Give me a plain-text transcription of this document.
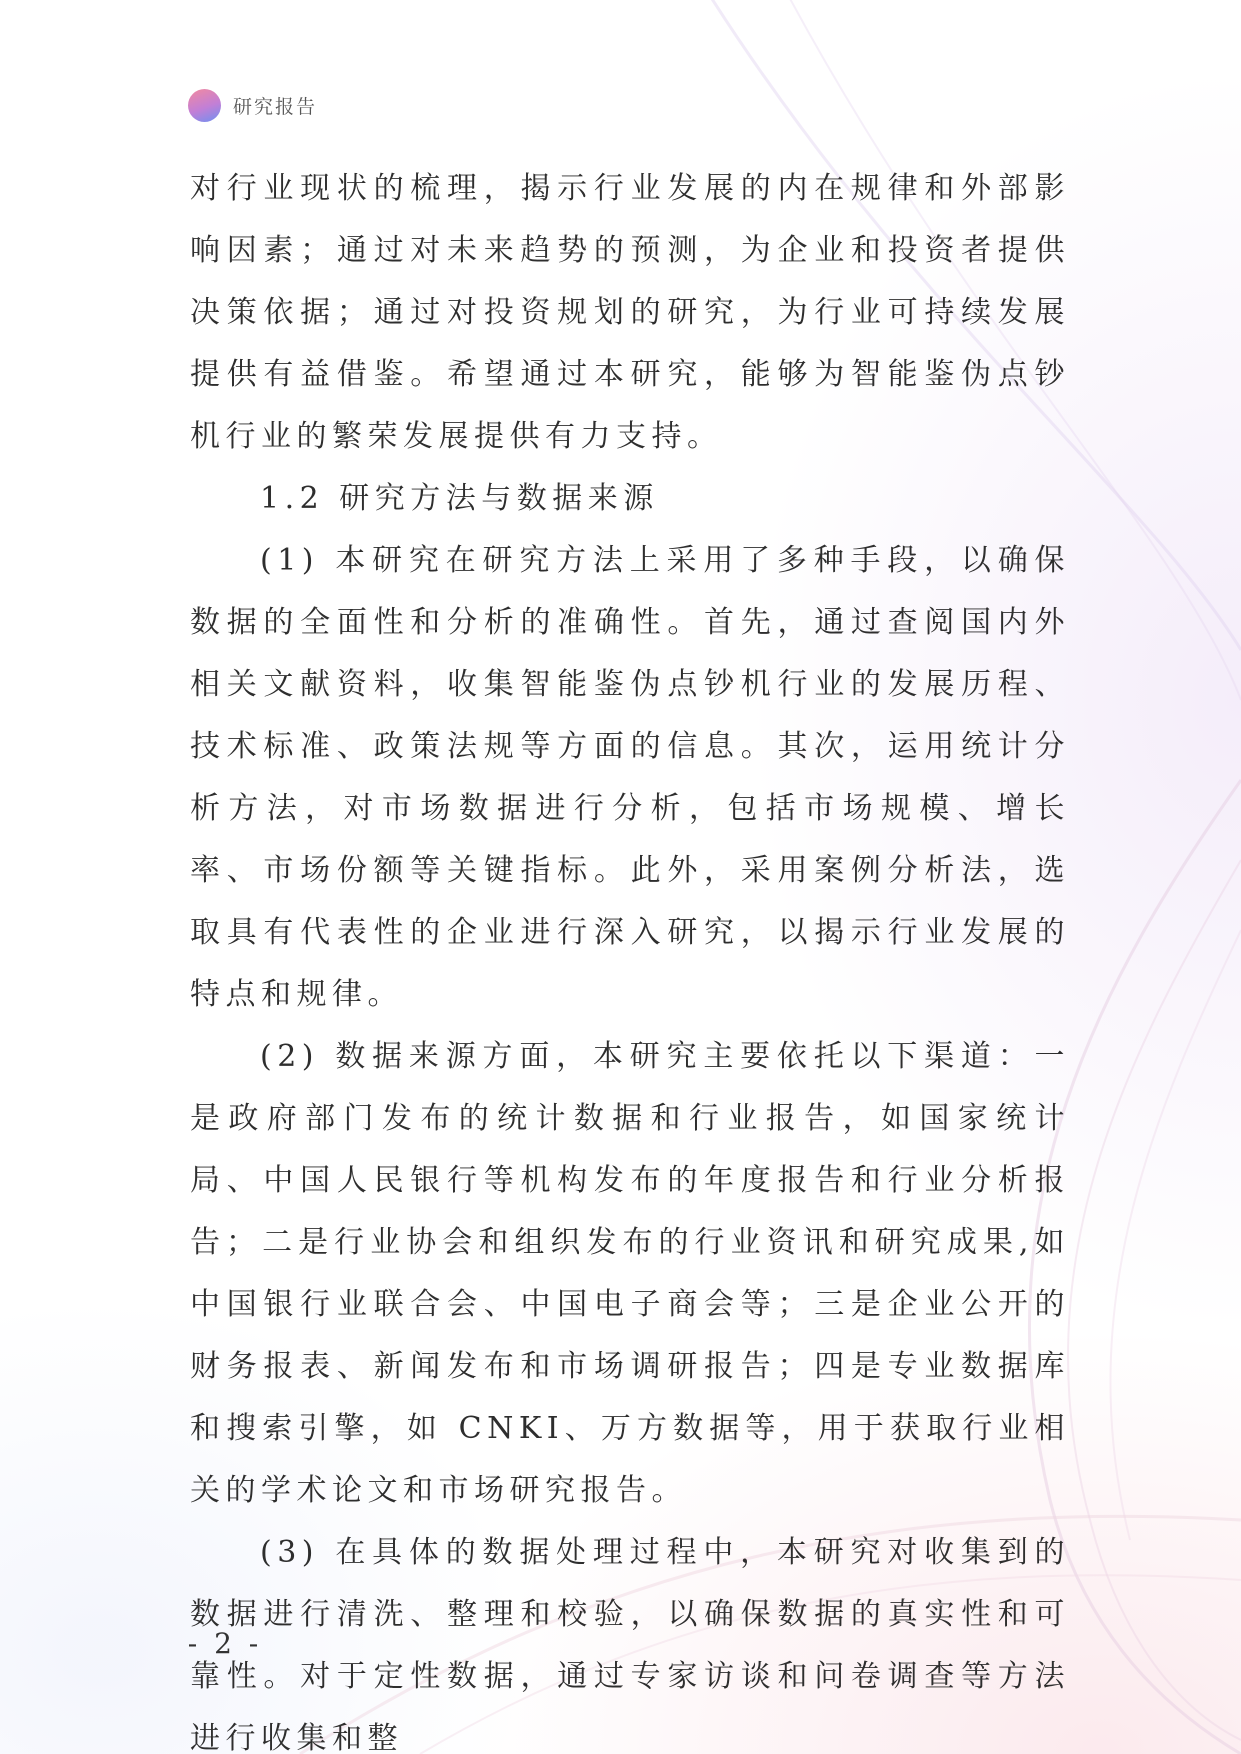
研究报告

对行业现状的梳理，揭示行业发展的内在规律和外部影响因素；通过对未来趋势的预测，为企业和投资者提供决策依据；通过对投资规划的研究，为行业可持续发展提供有益借鉴。希望通过本研究，能够为智能鉴伪点钞机行业的繁荣发展提供有力支持。

1.2 研究方法与数据来源

(1) 本研究在研究方法上采用了多种手段，以确保数据的全面性和分析的准确性。首先，通过查阅国内外相关文献资料，收集智能鉴伪点钞机行业的发展历程、技术标准、政策法规等方面的信息。其次，运用统计分析方法，对市场数据进行分析，包括市场规模、增长率、市场份额等关键指标。此外，采用案例分析法，选取具有代表性的企业进行深入研究，以揭示行业发展的特点和规律。

(2) 数据来源方面，本研究主要依托以下渠道：一是政府部门发布的统计数据和行业报告，如国家统计局、中国人民银行等机构发布的年度报告和行业分析报告；二是行业协会和组织发布的行业资讯和研究成果,如中国银行业联合会、中国电子商会等；三是企业公开的财务报表、新闻发布和市场调研报告；四是专业数据库和搜索引擎，如 CNKI、万方数据等，用于获取行业相关的学术论文和市场研究报告。

(3) 在具体的数据处理过程中，本研究对收集到的数据进行清洗、整理和校验，以确保数据的真实性和可靠性。对于定性数据，通过专家访谈和问卷调查等方法进行收集和整

- 2 -
